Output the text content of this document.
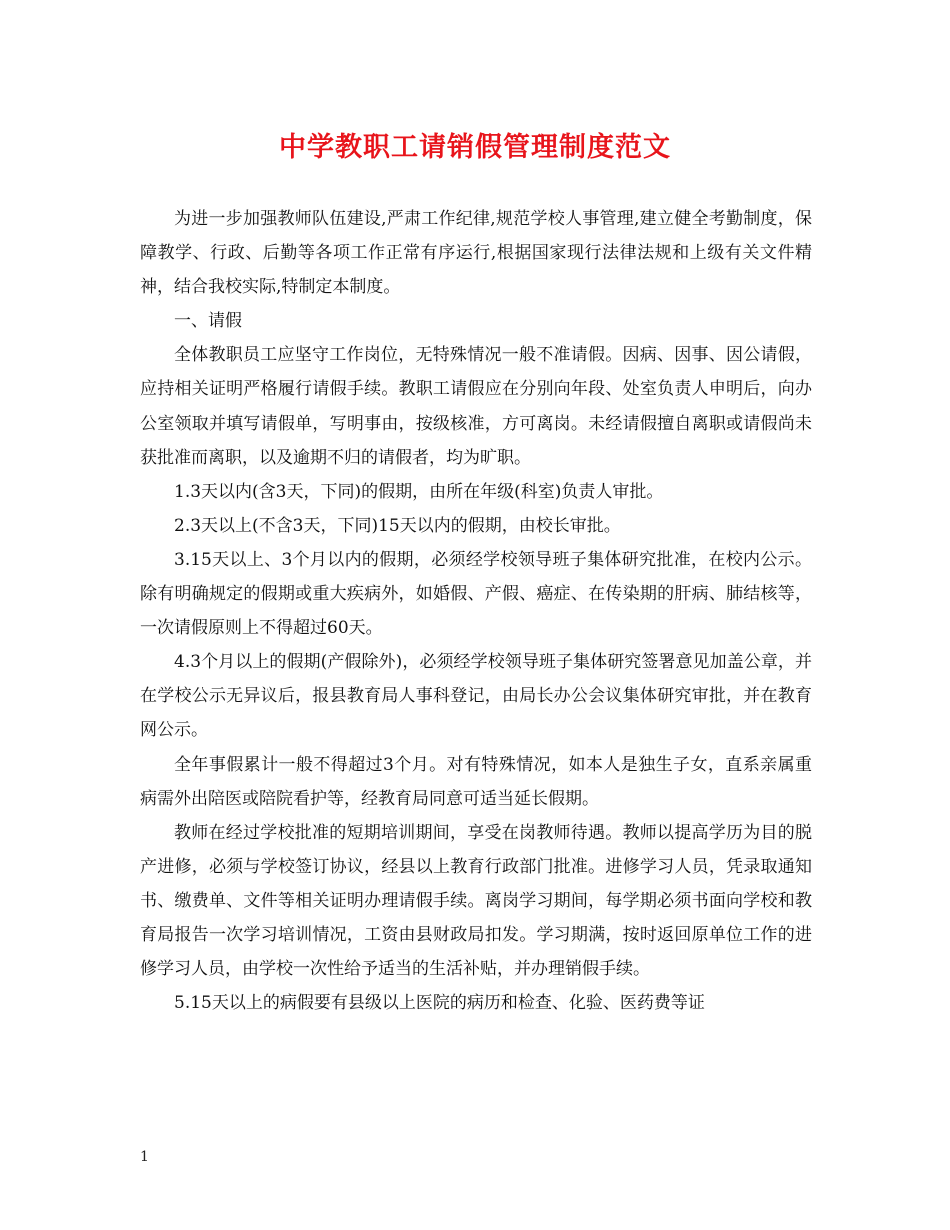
中学教职工请销假管理制度范文

为进一步加强教师队伍建设,严肃工作纪律,规范学校人事管理,建立健全考勤制度，保障教学、行政、后勤等各项工作正常有序运行,根据国家现行法律法规和上级有关文件精神，结合我校实际,特制定本制度。

一、请假

全体教职员工应坚守工作岗位，无特殊情况一般不准请假。因病、因事、因公请假，应持相关证明严格履行请假手续。教职工请假应在分别向年段、处室负责人申明后，向办公室领取并填写请假单，写明事由，按级核准，方可离岗。未经请假擅自离职或请假尚未获批准而离职，以及逾期不归的请假者，均为旷职。

1.3天以内(含3天，下同)的假期，由所在年级(科室)负责人审批。

2.3天以上(不含3天，下同)15天以内的假期，由校长审批。

3.15天以上、3个月以内的假期，必须经学校领导班子集体研究批准，在校内公示。除有明确规定的假期或重大疾病外，如婚假、产假、癌症、在传染期的肝病、肺结核等，一次请假原则上不得超过60天。

4.3个月以上的假期(产假除外)，必须经学校领导班子集体研究签署意见加盖公章，并在学校公示无异议后，报县教育局人事科登记，由局长办公会议集体研究审批，并在教育网公示。

全年事假累计一般不得超过3个月。对有特殊情况，如本人是独生子女，直系亲属重病需外出陪医或陪院看护等，经教育局同意可适当延长假期。

教师在经过学校批准的短期培训期间，享受在岗教师待遇。教师以提高学历为目的脱产进修，必须与学校签订协议，经县以上教育行政部门批准。进修学习人员，凭录取通知书、缴费单、文件等相关证明办理请假手续。离岗学习期间，每学期必须书面向学校和教育局报告一次学习培训情况，工资由县财政局扣发。学习期满，按时返回原单位工作的进修学习人员，由学校一次性给予适当的生活补贴，并办理销假手续。

5.15天以上的病假要有县级以上医院的病历和检查、化验、医药费等证

1
